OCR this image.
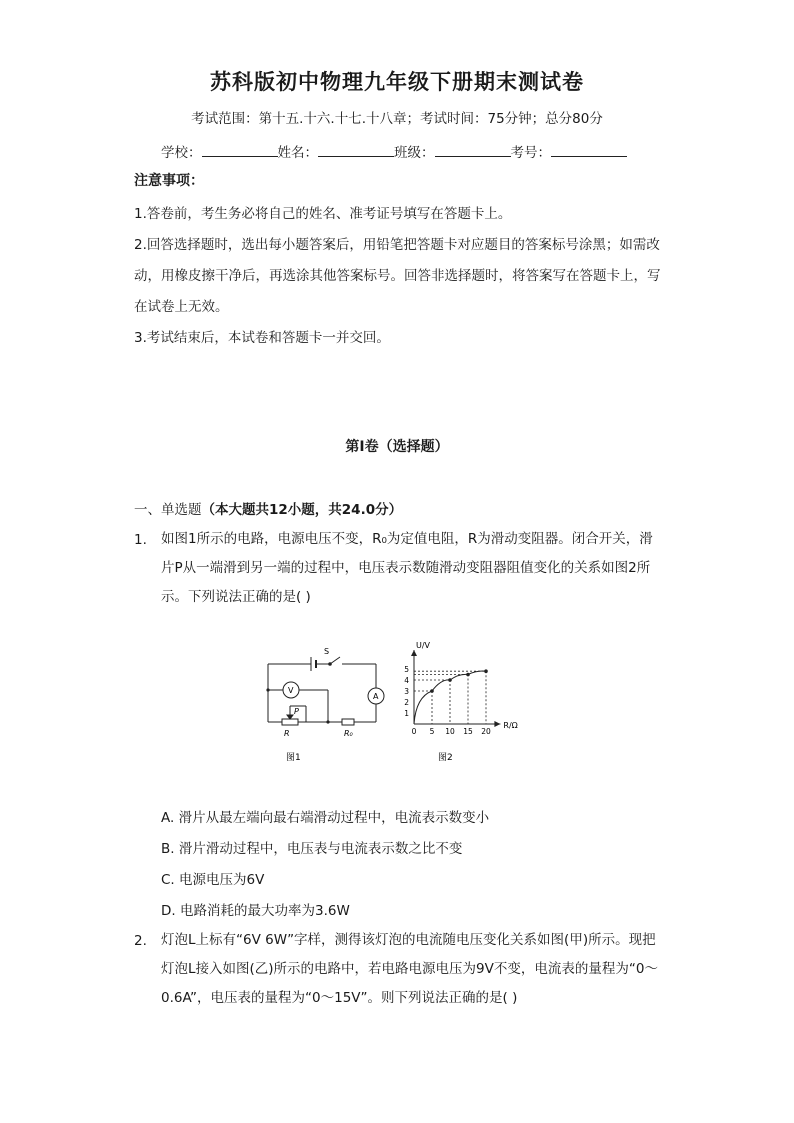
苏科版初中物理九年级下册期末测试卷
考试范围：第十五.十六.十七.十八章；考试时间：75分钟；总分80分
学校：	姓名：	班级：	考号：
注意事项：
1.答卷前，考生务必将自己的姓名、准考证号填写在答题卡上。
2.回答选择题时，选出每小题答案后，用铅笔把答题卡对应题目的答案标号涂黑；如需改动，用橡皮擦干净后，再选涂其他答案标号。回答非选择题时，将答案写在答题卡上，写在试卷上无效。
3.考试结束后，本试卷和答题卡一并交回。
第I卷（选择题）
一、单选题（本大题共12小题，共24.0分）
1. 如图1所示的电路，电源电压不变，R₀为定值电阻，R为滑动变阻器。闭合开关，滑片P从一端滑到另一端的过程中，电压表示数随滑动变阻器阻值变化的关系如图2所示。下列说法正确的是( )
S
V
A
P
R	R₀
图1
R/Ω
U/V
0 5 10 15 20
1
2
3
4
5
图2
A. 滑片从最左端向最右端滑动过程中，电流表示数变小
B. 滑片滑动过程中，电压表与电流表示数之比不变
C. 电源电压为6V
D. 电路消耗的最大功率为3.6W
2. 灯泡L上标有“6V 6W”字样，测得该灯泡的电流随电压变化关系如图(甲)所示。现把灯泡L接入如图(乙)所示的电路中，若电路电源电压为9V不变，电流表的量程为“0～0.6A”，电压表的量程为“0～15V”。则下列说法正确的是( )
